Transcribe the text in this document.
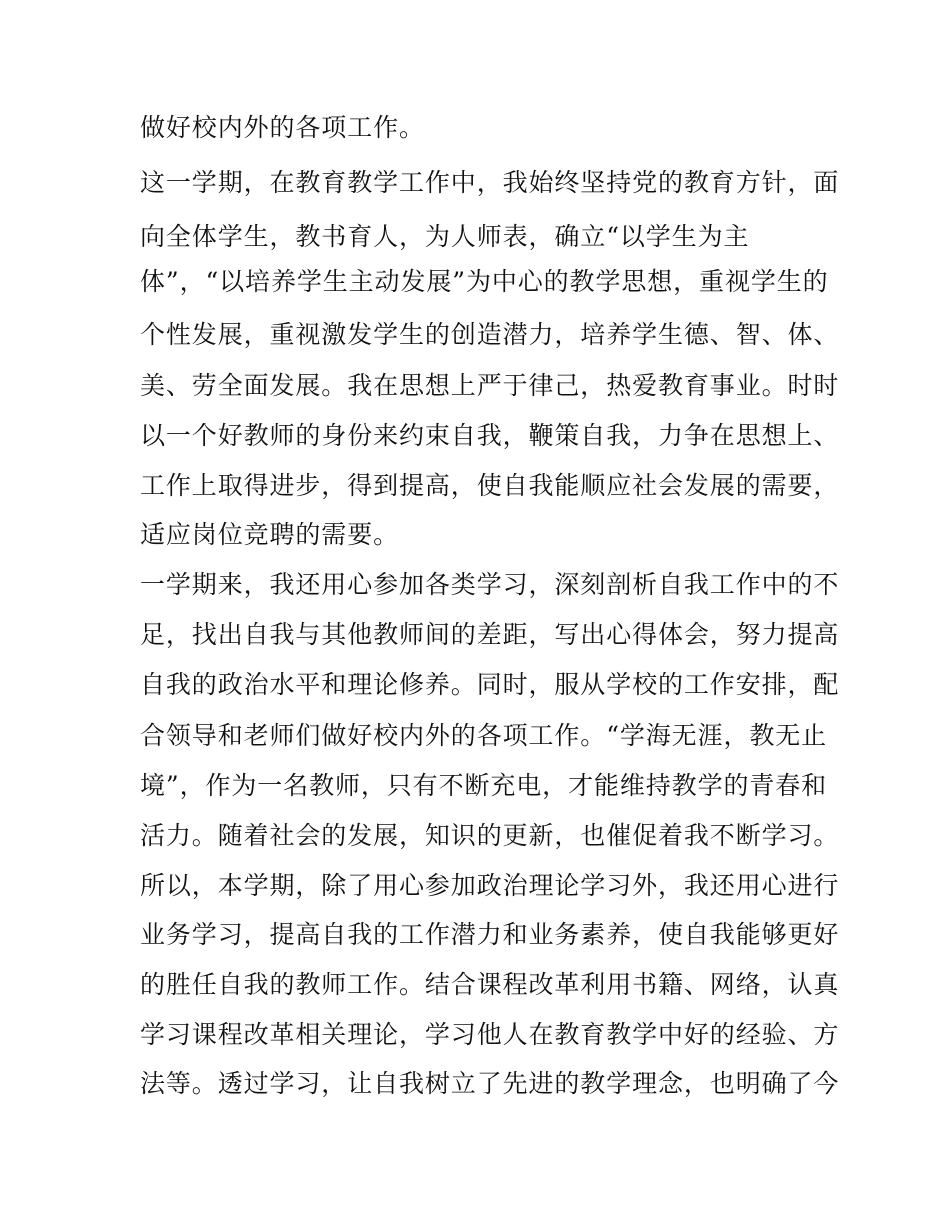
做好校内外的各项工作。

这一学期，在教育教学工作中，我始终坚持党的教育方针，面

向全体学生，教书育人，为人师表，确立“以学生为主

体”，“以培养学生主动发展”为中心的教学思想，重视学生的

个性发展，重视激发学生的创造潜力，培养学生德、智、体、

美、劳全面发展。我在思想上严于律己，热爱教育事业。时时

以一个好教师的身份来约束自我，鞭策自我，力争在思想上、

工作上取得进步，得到提高，使自我能顺应社会发展的需要，

适应岗位竞聘的需要。

一学期来，我还用心参加各类学习，深刻剖析自我工作中的不

足，找出自我与其他教师间的差距，写出心得体会，努力提高

自我的政治水平和理论修养。同时，服从学校的工作安排，配

合领导和老师们做好校内外的各项工作。“学海无涯，教无止

境”，作为一名教师，只有不断充电，才能维持教学的青春和

活力。随着社会的发展，知识的更新，也催促着我不断学习。

所以，本学期，除了用心参加政治理论学习外，我还用心进行

业务学习，提高自我的工作潜力和业务素养，使自我能够更好

的胜任自我的教师工作。结合课程改革利用书籍、网络，认真

学习课程改革相关理论，学习他人在教育教学中好的经验、方

法等。透过学习，让自我树立了先进的教学理念，也明确了今
